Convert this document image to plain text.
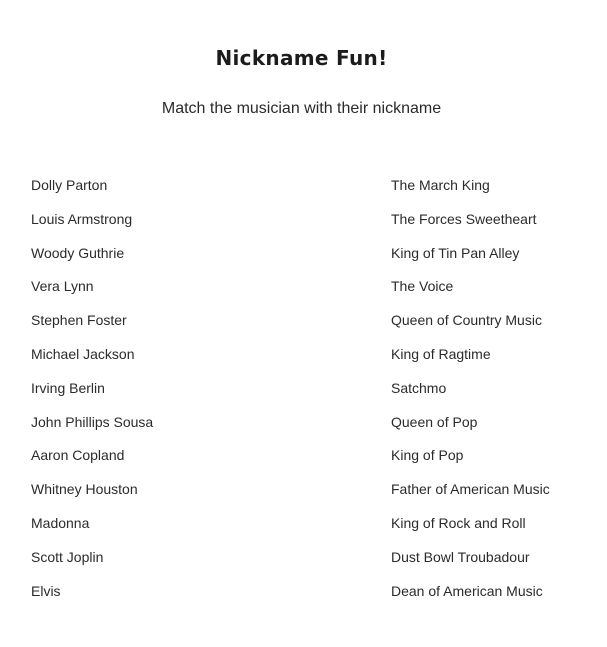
Nickname Fun!
Match the musician with their nickname
Dolly Parton
Louis Armstrong
Woody Guthrie
Vera Lynn
Stephen Foster
Michael Jackson
Irving Berlin
John Phillips Sousa
Aaron Copland
Whitney Houston
Madonna
Scott Joplin
Elvis
The March King
The Forces Sweetheart
King of Tin Pan Alley
The Voice
Queen of Country Music
King of Ragtime
Satchmo
Queen of Pop
King of Pop
Father of American Music
King of Rock and Roll
Dust Bowl Troubadour
Dean of American Music
